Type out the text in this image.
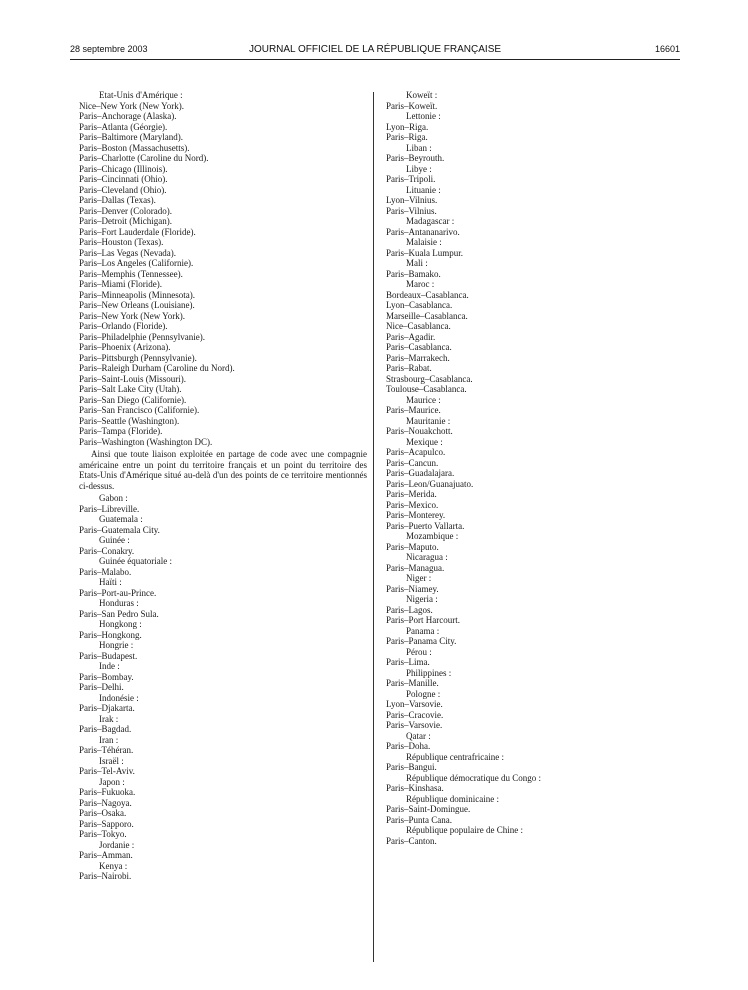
28 septembre 2003	JOURNAL OFFICIEL DE LA RÉPUBLIQUE FRANÇAISE	16601
Etat-Unis d'Amérique :
Nice–New York (New York).
Paris–Anchorage (Alaska).
Paris–Atlanta (Géorgie).
Paris–Baltimore (Maryland).
Paris–Boston (Massachusetts).
Paris–Charlotte (Caroline du Nord).
Paris–Chicago (Illinois).
Paris–Cincinnati (Ohio).
Paris–Cleveland (Ohio).
Paris–Dallas (Texas).
Paris–Denver (Colorado).
Paris–Detroit (Michigan).
Paris–Fort Lauderdale (Floride).
Paris–Houston (Texas).
Paris–Las Vegas (Nevada).
Paris–Los Angeles (Californie).
Paris–Memphis (Tennessee).
Paris–Miami (Floride).
Paris–Minneapolis (Minnesota).
Paris–New Orleans (Louisiane).
Paris–New York (New York).
Paris–Orlando (Floride).
Paris–Philadelphie (Pennsylvanie).
Paris–Phoenix (Arizona).
Paris–Pittsburgh (Pennsylvanie).
Paris–Raleigh Durham (Caroline du Nord).
Paris–Saint-Louis (Missouri).
Paris–Salt Lake City (Utah).
Paris–San Diego (Californie).
Paris–San Francisco (Californie).
Paris–Seattle (Washington).
Paris–Tampa (Floride).
Paris–Washington (Washington DC).
Ainsi que toute liaison exploitée en partage de code avec une compagnie américaine entre un point du territoire français et un point du territoire des Etats-Unis d'Amérique situé au-delà d'un des points de ce territoire mentionnés ci-dessus.
Gabon :
Paris–Libreville.
Guatemala :
Paris–Guatemala City.
Guinée :
Paris–Conakry.
Guinée équatoriale :
Paris–Malabo.
Haïti :
Paris–Port-au-Prince.
Honduras :
Paris–San Pedro Sula.
Hongkong :
Paris–Hongkong.
Hongrie :
Paris–Budapest.
Inde :
Paris–Bombay.
Paris–Delhi.
Indonésie :
Paris–Djakarta.
Irak :
Paris–Bagdad.
Iran :
Paris–Téhéran.
Israël :
Paris–Tel-Aviv.
Japon :
Paris–Fukuoka.
Paris–Nagoya.
Paris–Osaka.
Paris–Sapporo.
Paris–Tokyo.
Jordanie :
Paris–Amman.
Kenya :
Paris–Nairobi.
Koweït :
Paris–Koweït.
Lettonie :
Lyon–Riga.
Paris–Riga.
Liban :
Paris–Beyrouth.
Libye :
Paris–Tripoli.
Lituanie :
Lyon–Vilnius.
Paris–Vilnius.
Madagascar :
Paris–Antananarivo.
Malaisie :
Paris–Kuala Lumpur.
Mali :
Paris–Bamako.
Maroc :
Bordeaux–Casablanca.
Lyon–Casablanca.
Marseille–Casablanca.
Nice–Casablanca.
Paris–Agadir.
Paris–Casablanca.
Paris–Marrakech.
Paris–Rabat.
Strasbourg–Casablanca.
Toulouse–Casablanca.
Maurice :
Paris–Maurice.
Mauritanie :
Paris–Nouakchott.
Mexique :
Paris–Acapulco.
Paris–Cancun.
Paris–Guadalajara.
Paris–Leon/Guanajuato.
Paris–Merida.
Paris–Mexico.
Paris–Monterey.
Paris–Puerto Vallarta.
Mozambique :
Paris–Maputo.
Nicaragua :
Paris–Managua.
Niger :
Paris–Niamey.
Nigeria :
Paris–Lagos.
Paris–Port Harcourt.
Panama :
Paris–Panama City.
Pérou :
Paris–Lima.
Philippines :
Paris–Manille.
Pologne :
Lyon–Varsovie.
Paris–Cracovie.
Paris–Varsovie.
Qatar :
Paris–Doha.
République centrafricaine :
Paris–Bangui.
République démocratique du Congo :
Paris–Kinshasa.
République dominicaine :
Paris–Saint-Domingue.
Paris–Punta Cana.
République populaire de Chine :
Paris–Canton.
